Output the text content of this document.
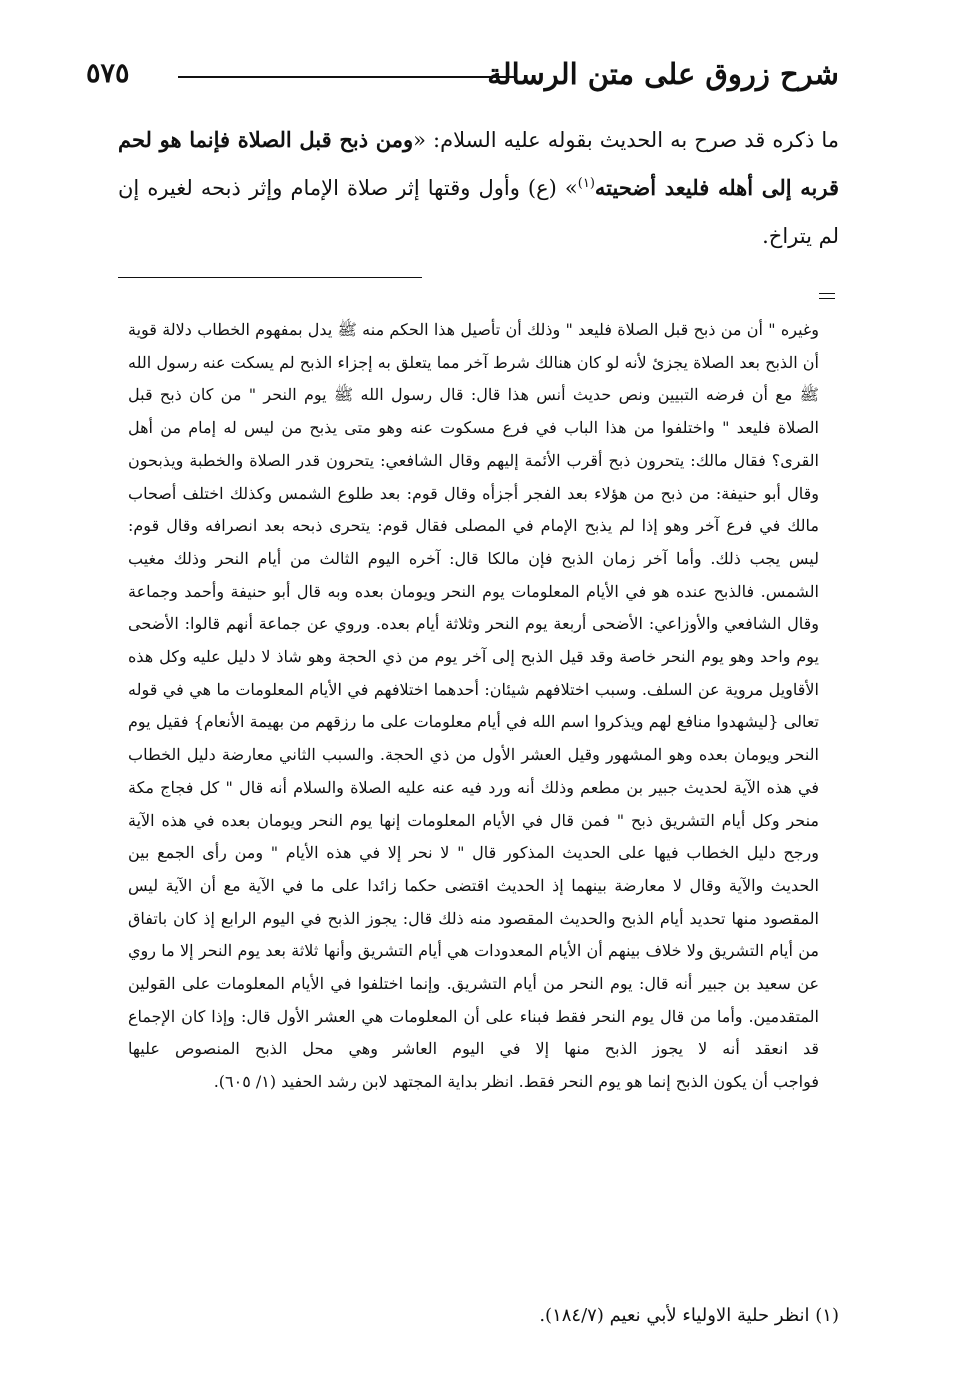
شرح زروق على متن الرسالة
٥٧٥
ما ذكره قد صرح به الحديث بقوله عليه السلام: «ومن ذبح قبل الصلاة فإنما هو لحم قربه إلى أهله فليعد أضحيته$^{(١)}$» (ع) وأول وقتها إثر صلاة الإمام وإثر ذبحه لغيره إن لم يتراخ.

وغيره " أن من ذبح قبل الصلاة فليعد " وذلك أن تأصيل هذا الحكم منه ﷺ يدل بمفهوم الخطاب دلالة قوية أن الذبح بعد الصلاة يجزئ لأنه لو كان هنالك شرط آخر مما يتعلق به إجزاء الذبح لم يسكت عنه رسول الله ﷺ مع أن فرضه التبيين ونص حديث أنس هذا قال: قال رسول الله ﷺ يوم النحر " من كان ذبح قبل الصلاة فليعد " واختلفوا من هذا الباب في فرع مسكوت عنه وهو متى يذبح من ليس له إمام من أهل القرى؟ فقال مالك: يتحرون ذبح أقرب الأئمة إليهم وقال الشافعي: يتحرون قدر الصلاة والخطبة ويذبحون وقال أبو حنيفة: من ذبح من هؤلاء بعد الفجر أجزأه وقال قوم: بعد طلوع الشمس وكذلك اختلف أصحاب مالك في فرع آخر وهو إذا لم يذبح الإمام في المصلى فقال قوم: يتحرى ذبحه بعد انصرافه وقال قوم: ليس يجب ذلك. وأما آخر زمان الذبح فإن مالكا قال: آخره اليوم الثالث من أيام النحر وذلك مغيب الشمس. فالذبح عنده هو في الأيام المعلومات يوم النحر ويومان بعده وبه قال أبو حنيفة وأحمد وجماعة وقال الشافعي والأوزاعي: الأضحى أربعة يوم النحر وثلاثة أيام بعده. وروي عن جماعة أنهم قالوا: الأضحى يوم واحد وهو يوم النحر خاصة وقد قيل الذبح إلى آخر يوم من ذي الحجة وهو شاذ لا دليل عليه وكل هذه الأقاويل مروية عن السلف. وسبب اختلافهم شيئان: أحدهما اختلافهم في الأيام المعلومات ما هي في قوله تعالى {ليشهدوا منافع لهم ويذكروا اسم الله في أيام معلومات على ما رزقهم من بهيمة الأنعام} فقيل يوم النحر ويومان بعده وهو المشهور وقيل العشر الأول من ذي الحجة. والسبب الثاني معارضة دليل الخطاب في هذه الآية لحديث جبير بن مطعم وذلك أنه ورد فيه عنه عليه الصلاة والسلام أنه قال " كل فجاج مكة منحر وكل أيام التشريق ذبح " فمن قال في الأيام المعلومات إنها يوم النحر ويومان بعده في هذه الآية ورجح دليل الخطاب فيها على الحديث المذكور قال " لا نحر إلا في هذه الأيام " ومن رأى الجمع بين الحديث والآية وقال لا معارضة بينهما إذ الحديث اقتضى حكما زائدا على ما في الآية مع أن الآية ليس المقصود منها تحديد أيام الذبح والحديث المقصود منه ذلك قال: يجوز الذبح في اليوم الرابع إذ كان باتفاق من أيام التشريق ولا خلاف بينهم أن الأيام المعدودات هي أيام التشريق وأنها ثلاثة بعد يوم النحر إلا ما روي عن سعيد بن جبير أنه قال: يوم النحر من أيام التشريق. وإنما اختلفوا في الأيام المعلومات على القولين المتقدمين. وأما من قال يوم النحر فقط فبناء على أن المعلومات هي العشر الأول قال: وإذا كان الإجماع قد انعقد أنه لا يجوز الذبح منها إلا في اليوم العاشر وهي محل الذبح المنصوص عليها

فواجب أن يكون الذبح إنما هو يوم النحر فقط. انظر بداية المجتهد لابن رشد الحفيد (١/ ٦٠٥).

(١) انظر حلية الاولياء لأبي نعيم (١٨٤/٧).
